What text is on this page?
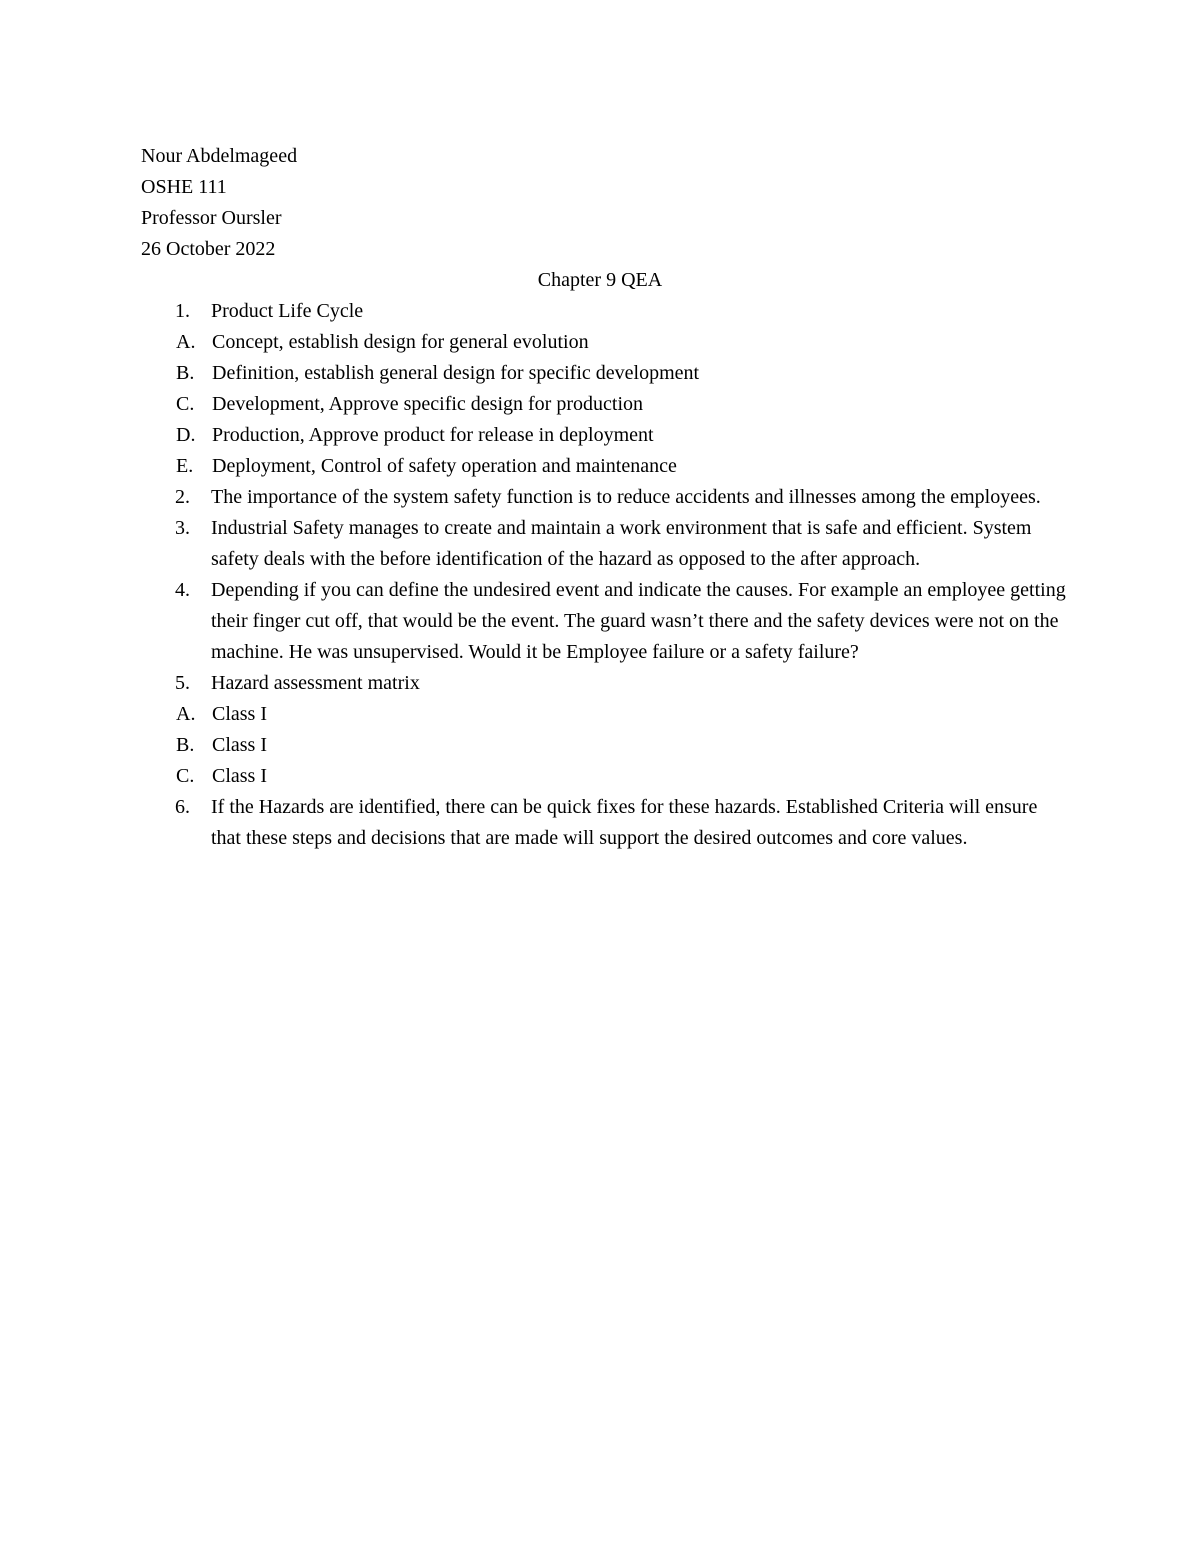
Nour Abdelmageed
OSHE 111
Professor Oursler
26 October 2022
Chapter 9 QEA
1.	Product Life Cycle
A. Concept, establish design for general evolution
B. Definition, establish general design for specific development
C. Development, Approve specific design for production
D. Production, Approve product for release in deployment
E. Deployment, Control of safety operation and maintenance
2.	The importance of the system safety function is to reduce accidents and illnesses among the employees.
3.	Industrial Safety manages to create and maintain a work environment that is safe and efficient. System safety deals with the before identification of the hazard as opposed to the after approach.
4.	Depending if you can define the undesired event and indicate the causes. For example an employee getting their finger cut off, that would be the event. The guard wasn’t there and the safety devices were not on the machine. He was unsupervised. Would it be Employee failure or a safety failure?
5.	Hazard assessment matrix
A. Class I
B. Class I
C. Class I
6.	If the Hazards are identified, there can be quick fixes for these hazards. Established Criteria will ensure that these steps and decisions that are made will support the desired outcomes and core values.
